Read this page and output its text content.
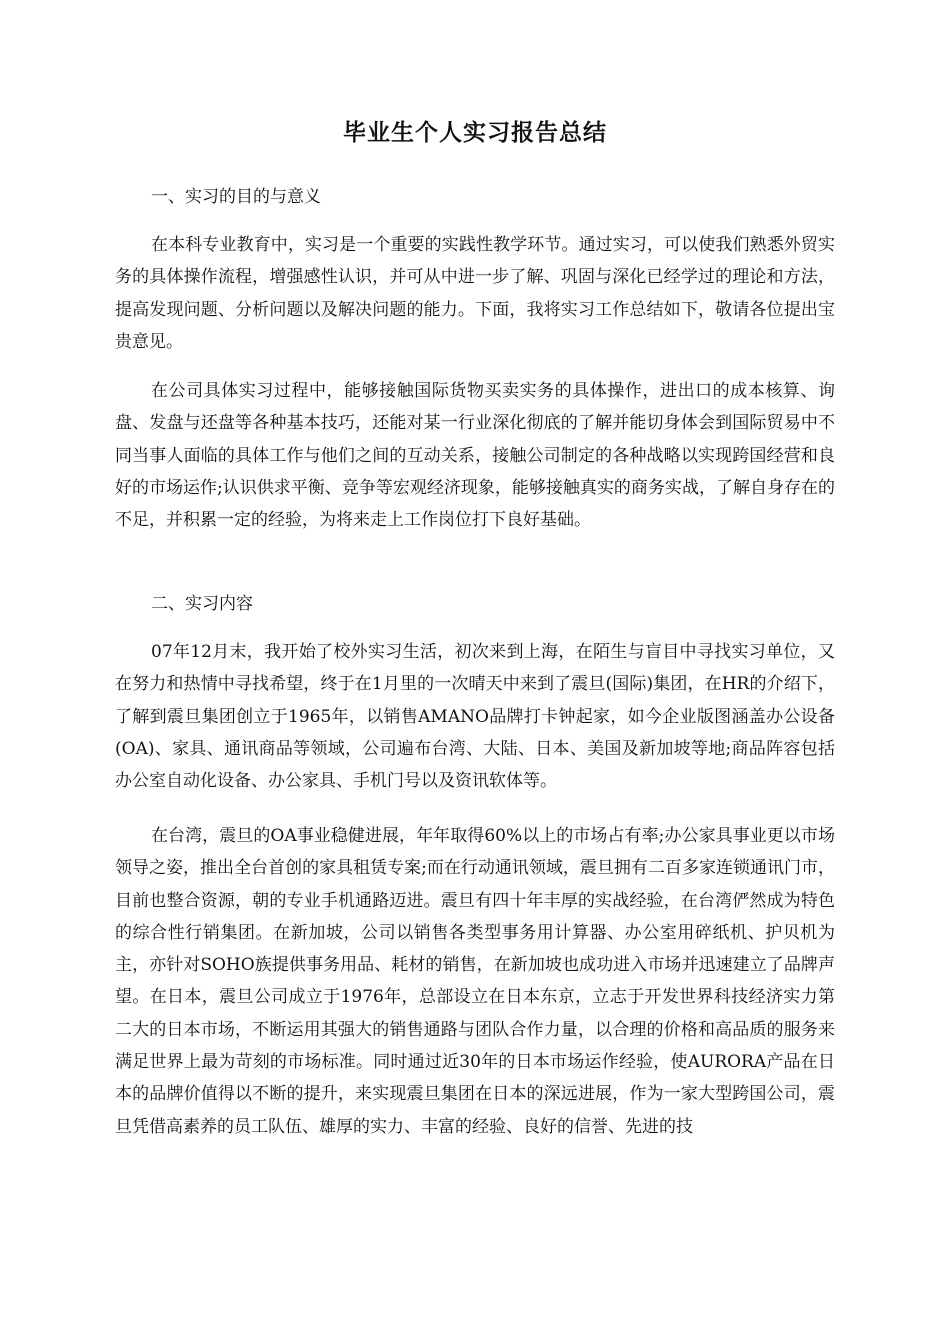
毕业生个人实习报告总结

一、实习的目的与意义

在本科专业教育中，实习是一个重要的实践性教学环节。通过实习，可以使我们熟悉外贸实务的具体操作流程，增强感性认识，并可从中进一步了解、巩固与深化已经学过的理论和方法，提高发现问题、分析问题以及解决问题的能力。下面，我将实习工作总结如下，敬请各位提出宝贵意见。

在公司具体实习过程中，能够接触国际货物买卖实务的具体操作，进出口的成本核算、询盘、发盘与还盘等各种基本技巧，还能对某一行业深化彻底的了解并能切身体会到国际贸易中不同当事人面临的具体工作与他们之间的互动关系，接触公司制定的各种战略以实现跨国经营和良好的市场运作;认识供求平衡、竞争等宏观经济现象，能够接触真实的商务实战，了解自身存在的不足，并积累一定的经验，为将来走上工作岗位打下良好基础。

二、实习内容

07年12月末，我开始了校外实习生活，初次来到上海，在陌生与盲目中寻找实习单位，又在努力和热情中寻找希望，终于在1月里的一次晴天中来到了震旦(国际)集团，在HR的介绍下，了解到震旦集团创立于1965年，以销售AMANO品牌打卡钟起家，如今企业版图涵盖办公设备(OA)、家具、通讯商品等领域，公司遍布台湾、大陆、日本、美国及新加坡等地;商品阵容包括办公室自动化设备、办公家具、手机门号以及资讯软体等。

在台湾，震旦的OA事业稳健进展，年年取得60%以上的市场占有率;办公家具事业更以市场领导之姿，推出全台首创的家具租赁专案;而在行动通讯领域，震旦拥有二百多家连锁通讯门市，目前也整合资源，朝的专业手机通路迈进。震旦有四十年丰厚的实战经验，在台湾俨然成为特色的综合性行销集团。在新加坡，公司以销售各类型事务用计算器、办公室用碎纸机、护贝机为主，亦针对SOHO族提供事务用品、耗材的销售，在新加坡也成功进入市场并迅速建立了品牌声望。在日本，震旦公司成立于1976年，总部设立在日本东京，立志于开发世界科技经济实力第二大的日本市场，不断运用其强大的销售通路与团队合作力量，以合理的价格和高品质的服务来满足世界上最为苛刻的市场标准。同时通过近30年的日本市场运作经验，使AURORA产品在日本的品牌价值得以不断的提升，来实现震旦集团在日本的深远进展，作为一家大型跨国公司，震旦凭借高素养的员工队伍、雄厚的实力、丰富的经验、良好的信誉、先进的技
